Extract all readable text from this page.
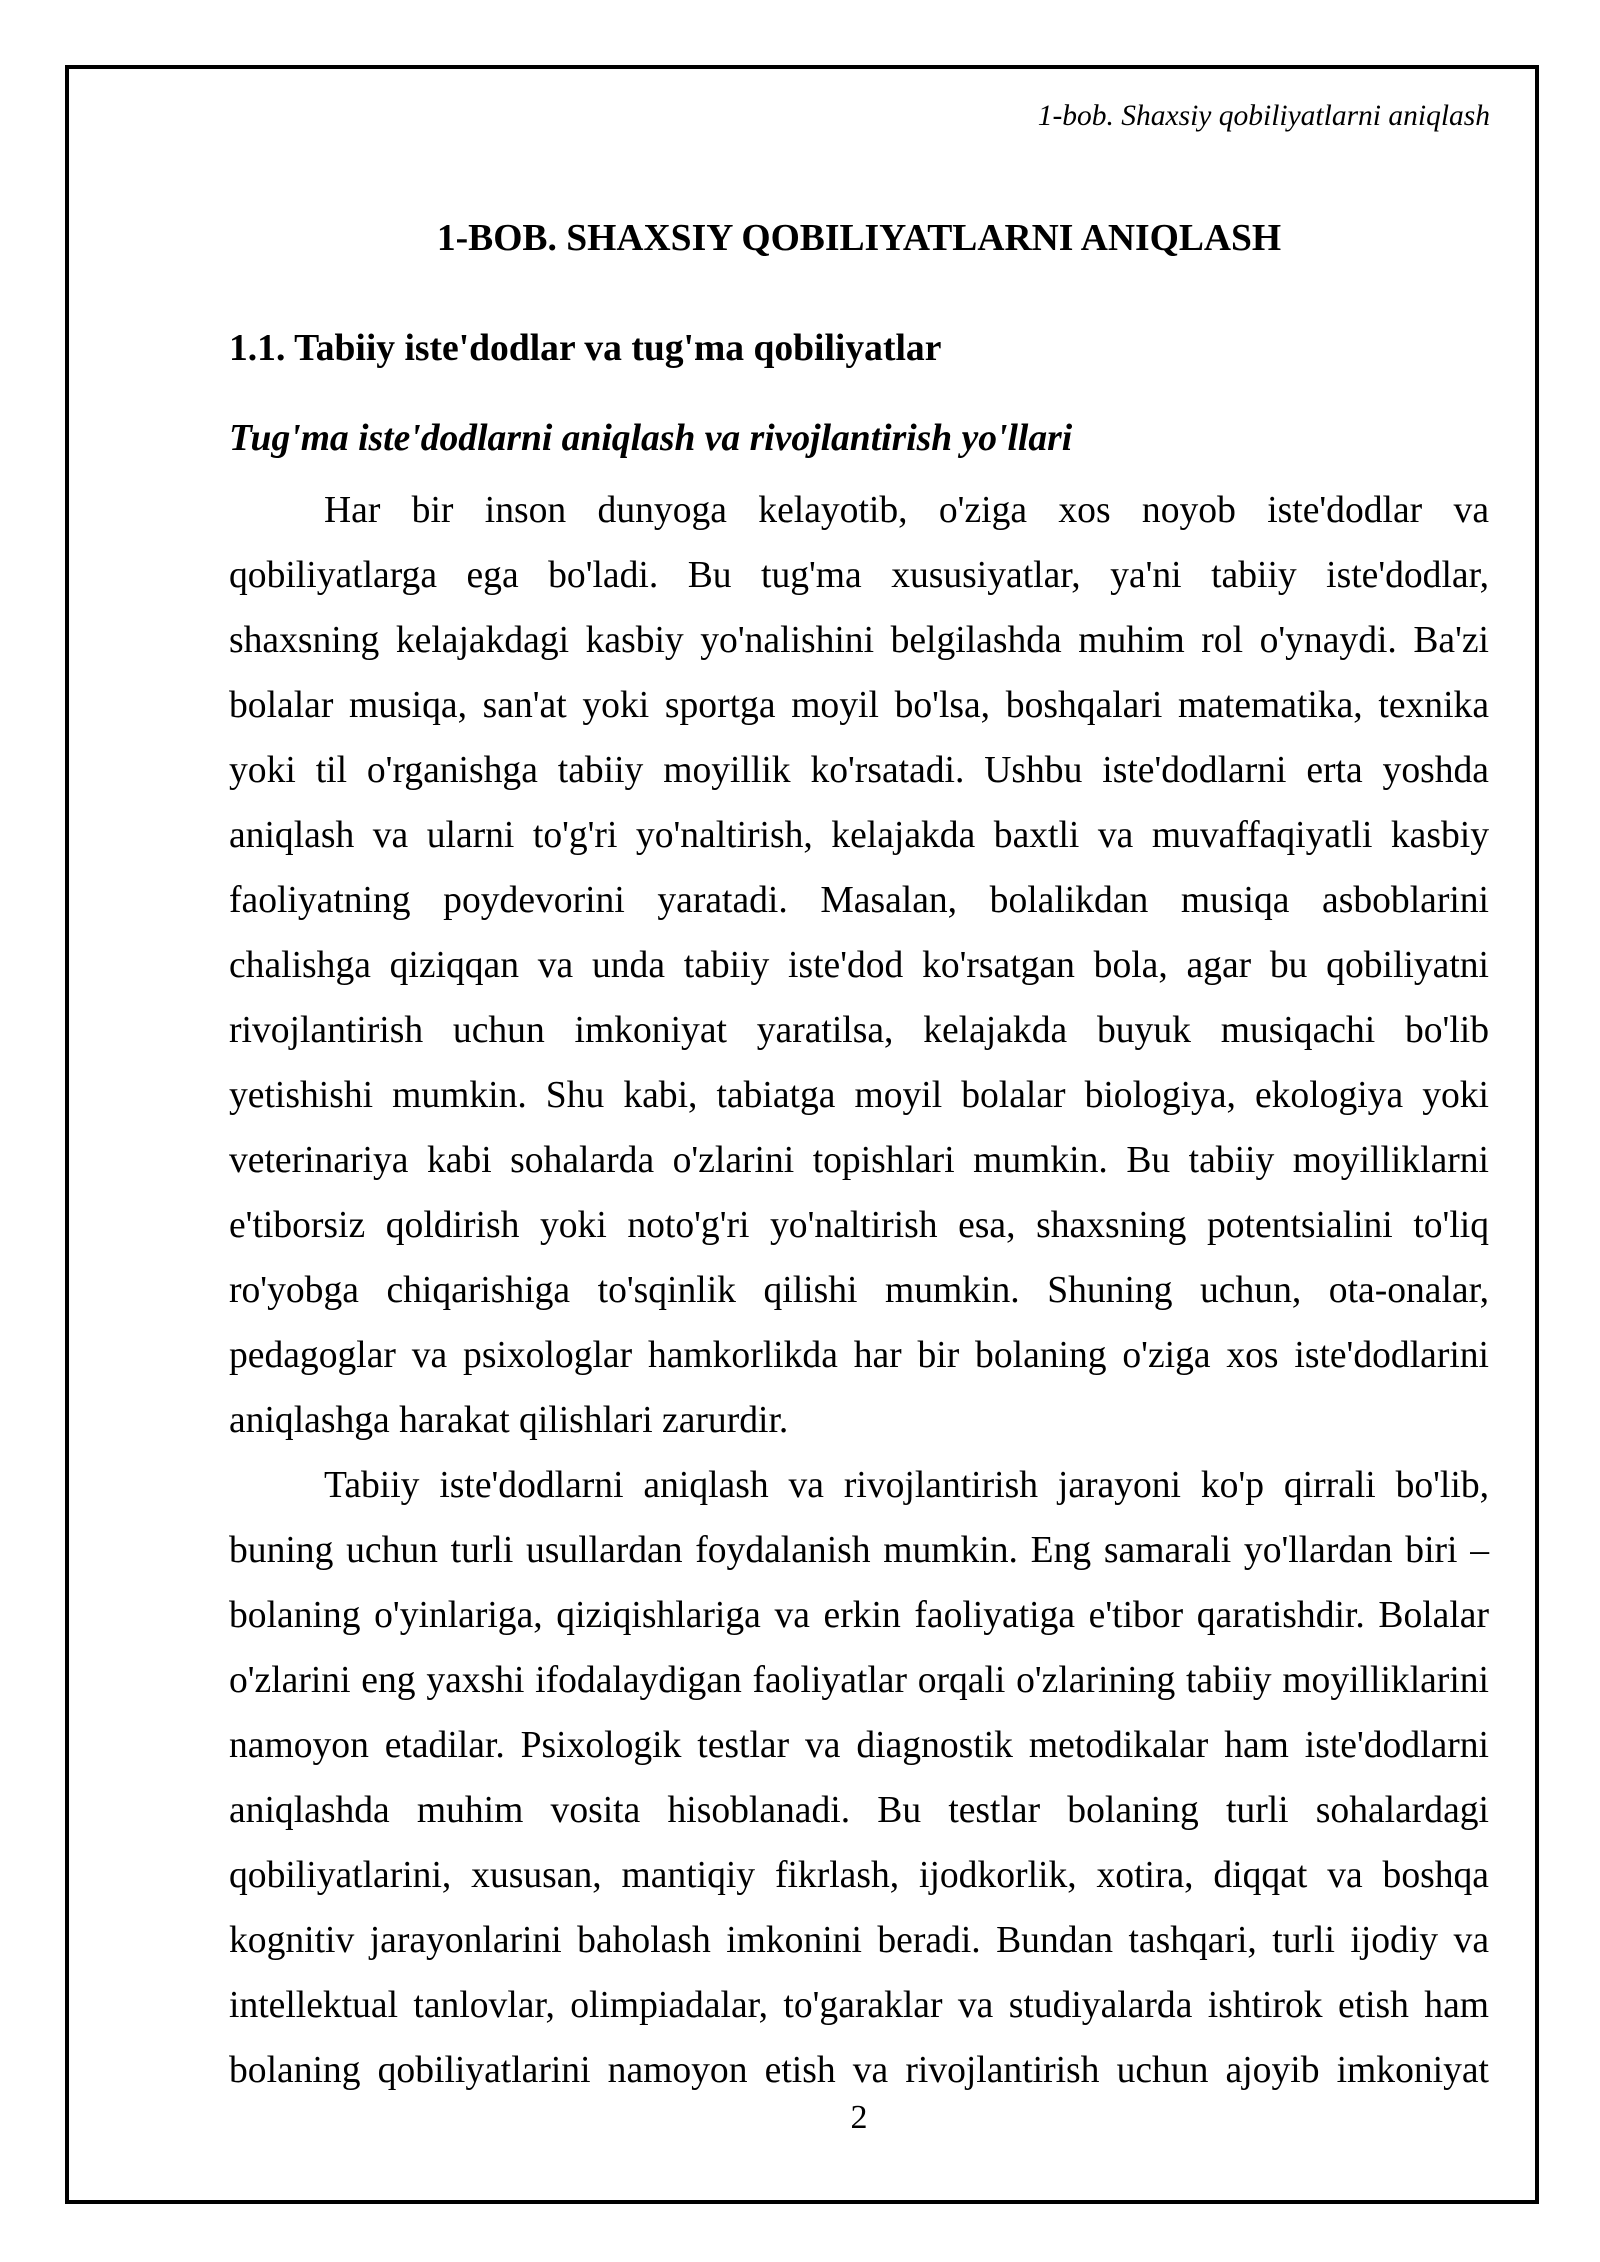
1-bob. Shaxsiy qobiliyatlarni aniqlash
1-BOB. SHAXSIY QOBILIYATLARNI ANIQLASH
1.1. Tabiiy iste'dodlar va tug'ma qobiliyatlar
Tug'ma iste'dodlarni aniqlash va rivojlantirish yo'llari
Har bir inson dunyoga kelayotib, o'ziga xos noyob iste'dodlar va
qobiliyatlarga ega bo'ladi. Bu tug'ma xususiyatlar, ya'ni tabiiy iste'dodlar,
shaxsning kelajakdagi kasbiy yo'nalishini belgilashda muhim rol o'ynaydi. Ba'zi
bolalar musiqa, san'at yoki sportga moyil bo'lsa, boshqalari matematika, texnika
yoki til o'rganishga tabiiy moyillik ko'rsatadi. Ushbu iste'dodlarni erta yoshda
aniqlash va ularni to'g'ri yo'naltirish, kelajakda baxtli va muvaffaqiyatli kasbiy
faoliyatning poydevorini yaratadi. Masalan, bolalikdan musiqa asboblarini
chalishga qiziqqan va unda tabiiy iste'dod ko'rsatgan bola, agar bu qobiliyatni
rivojlantirish uchun imkoniyat yaratilsa, kelajakda buyuk musiqachi bo'lib
yetishishi mumkin. Shu kabi, tabiatga moyil bolalar biologiya, ekologiya yoki
veterinariya kabi sohalarda o'zlarini topishlari mumkin. Bu tabiiy moyilliklarni
e'tiborsiz qoldirish yoki noto'g'ri yo'naltirish esa, shaxsning potentsialini to'liq
ro'yobga chiqarishiga to'sqinlik qilishi mumkin. Shuning uchun, ota-onalar,
pedagoglar va psixologlar hamkorlikda har bir bolaning o'ziga xos iste'dodlarini
aniqlashga harakat qilishlari zarurdir.
Tabiiy iste'dodlarni aniqlash va rivojlantirish jarayoni ko'p qirrali bo'lib,
buning uchun turli usullardan foydalanish mumkin. Eng samarali yo'llardan biri –
bolaning o'yinlariga, qiziqishlariga va erkin faoliyatiga e'tibor qaratishdir. Bolalar
o'zlarini eng yaxshi ifodalaydigan faoliyatlar orqali o'zlarining tabiiy moyilliklarini
namoyon etadilar. Psixologik testlar va diagnostik metodikalar ham iste'dodlarni
aniqlashda muhim vosita hisoblanadi. Bu testlar bolaning turli sohalardagi
qobiliyatlarini, xususan, mantiqiy fikrlash, ijodkorlik, xotira, diqqat va boshqa
kognitiv jarayonlarini baholash imkonini beradi. Bundan tashqari, turli ijodiy va
intellektual tanlovlar, olimpiadalar, to'garaklar va studiyalarda ishtirok etish ham
bolaning qobiliyatlarini namoyon etish va rivojlantirish uchun ajoyib imkoniyat
2
